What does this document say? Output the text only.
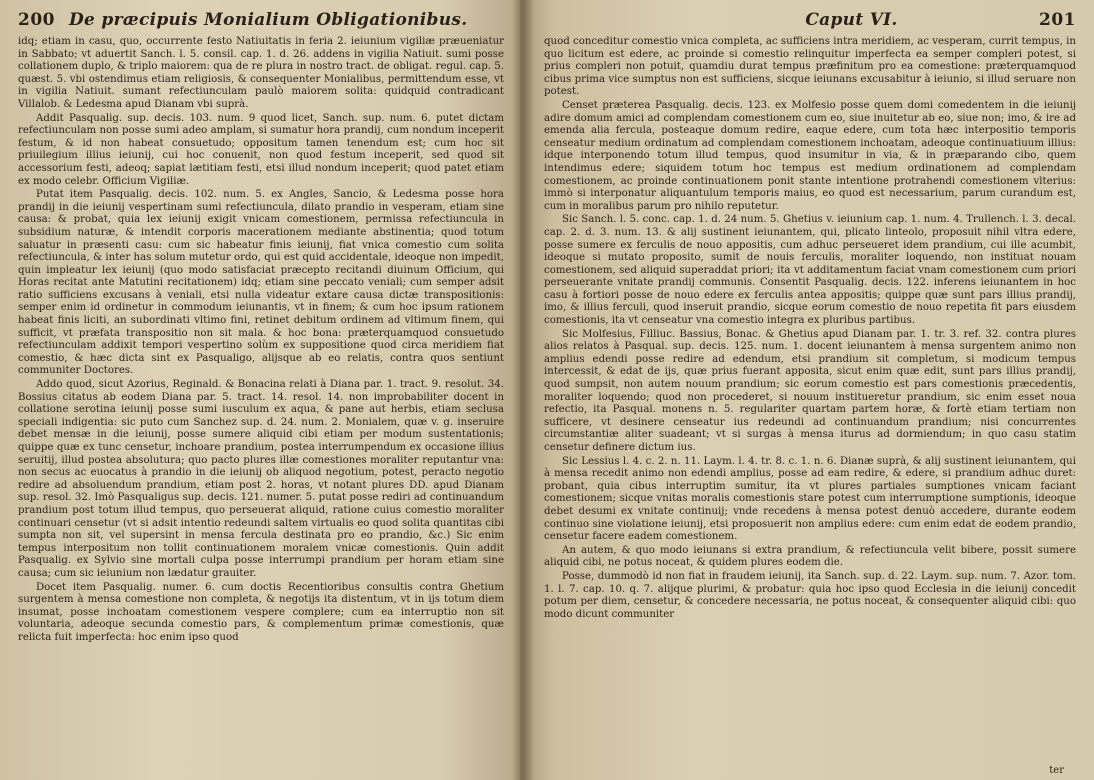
200 De præcipuis Monialium Obligationibus.

idq; etiam in casu, quo, occurrente festo Natiuitatis in feria 2. ieiunium vigiliæ præueniatur in Sabbato; vt aduertit Sanch. l. 5. consil. cap. 1. d. 26. addens in vigilia Natiuit. sumi posse collationem duplo, & triplo maiorem: qua de re plura in nostro tract. de obligat. regul. cap. 5. quæst. 5. vbi ostendimus etiam religiosis, & consequenter Monialibus, permittendum esse, vt in vigilia Natiuit. sumant refectiunculam paulò maiorem solita: quidquid contradicant Villalob. & Ledesma apud Dianam vbi suprà.

Addit Pasqualig. sup. decis. 103. num. 9 quod licet, Sanch. sup. num. 6. putet dictam refectiunculam non posse sumi adeo amplam, si sumatur hora prandij, cum nondum inceperit festum, & id non habeat consuetudo; oppositum tamen tenendum est; cum hoc sit priuilegium illius ieiunij, cui hoc conuenit, non quod festum inceperit, sed quod sit accessorium festi, adeoq; sapiat lætitiam festi, etsi illud nondum inceperit; quod patet etiam ex modo celebr. Officium Vigiliæ.

Putat item Pasqualig. decis. 102. num. 5. ex Angles, Sancio, & Ledesma posse hora prandij in die ieiunij vespertinam sumi refectiuncula, dilato prandio in vesperam, etiam sine causa: & probat, quia lex ieiunij exigit vnicam comestionem, permissa refectiuncula in subsidium naturæ, & intendit corporis macerationem mediante abstinentia; quod totum saluatur in præsenti casu: cum sic habeatur finis ieiunij, fiat vnica comestio cum solita refectiuncula, & inter has solum mutetur ordo, qui est quid accidentale, ideoque non impedit, quin impleatur lex ieiunij (quo modo satisfaciat præcepto recitandi diuinum Officium, qui Horas recitat ante Matutini recitationem) idq; etiam sine peccato veniali; cum semper adsit ratio sufficiens excusans à veniali, etsi nulla videatur extare causa dictæ transpositionis: semper enim id ordinetur in commodum ieiunantis, vt in finem; & cum hoc ipsum rationem habeat finis liciti, an subordinati vltimo fini, retinet debitum ordinem ad vltimum finem, qui sufficit, vt præfata transpositio non sit mala. & hoc bona: præterquamquod consuetudo refectiunculam addixit tempori vespertino solùm ex suppositione quod circa meridiem fiat comestio, & hæc dicta sint ex Pasqualigo, alijsque ab eo relatis, contra quos sentiunt communiter Doctores.

Addo quod, sicut Azorius, Reginald. & Bonacina relati à Diana par. 1. tract. 9. resolut. 34. Bossius citatus ab eodem Diana par. 5. tract. 14. resol. 14. non improbabiliter docent in collatione serotina ieiunij posse sumi iusculum ex aqua, & pane aut herbis, etiam seclusa speciali indigentia: sic puto cum Sanchez sup. d. 24. num. 2. Monialem, quæ v. g. inseruire debet mensæ in die ieiunij, posse sumere aliquid cibi etiam per modum sustentationis; quippe quæ ex tunc censetur, inchoare prandium, postea interrumpendum ex occasione illius seruitij, illud postea absolutura; quo pacto plures illæ comestiones moraliter reputantur vna: non secus ac euocatus à prandio in die ieiunij ob aliquod negotium, potest, peracto negotio redire ad absoluendum prandium, etiam post 2. horas, vt notant plures DD. apud Dianam sup. resol. 32. Imò Pasqualigus sup. decis. 121. numer. 5. putat posse rediri ad continuandum prandium post totum illud tempus, quo perseuerat aliquid, ratione cuius comestio moraliter continuari censetur (vt si adsit intentio redeundi saltem virtualis eo quod solita quantitas cibi sumpta non sit, vel supersint in mensa fercula destinata pro eo prandio, &c.) Sic enim tempus interpositum non tollit continuationem moralem vnicæ comestionis. Quin addit Pasqualig. ex Sylvio sine mortali culpa posse interrumpi prandium per horam etiam sine causa; cum sic ieiunium non lædatur grauiter.

Docet item Pasqualig. numer. 6. cum doctis Recentioribus consultis contra Ghetium surgentem à mensa comestione non completa, & negotijs ita distentum, vt in ijs totum diem insumat, posse inchoatam comestionem vespere complere; cum ea interruptio non sit voluntaria, adeoque secunda comestio pars, & complementum primæ comestionis, quæ relicta fuit imperfecta: hoc enim ipso quod

Caput VI.	201

quod conceditur comestio vnica completa, ac sufficiens intra meridiem, ac vesperam, currit tempus, in quo licitum est edere, ac proinde si comestio relinquitur imperfecta ea semper compleri potest, si prius compleri non potuit, quamdiu durat tempus præfinitum pro ea comestione: præterquamquod cibus prima vice sumptus non est sufficiens, sicque ieiunans excusabitur à ieiunio, si illud seruare non potest.

Censet præterea Pasqualig. decis. 123. ex Molfesio posse quem domi comedentem in die ieiunij adire domum amici ad complendam comestionem cum eo, siue inuitetur ab eo, siue non; imo, & ire ad emenda alia fercula, posteaque domum redire, eaque edere, cum tota hæc interpositio temporis censeatur medium ordinatum ad complendam comestionem inchoatam, adeoque continuatiuum illius: idque interponendo totum illud tempus, quod insumitur in via, & in præparando cibo, quem intendimus edere; siquidem totum hoc tempus est medium ordinationem ad complendam comestionem, ac proinde continuationem ponit stante intentione protrahendi comestionem vlterius: immò si interponatur aliquantulum temporis maius, eo quod est necessarium, parum curandum est, cum in moralibus parum pro nihilo reputetur.

Sic Sanch. l. 5. conc. cap. 1. d. 24 num. 5. Ghetius v. ieiunium cap. 1. num. 4. Trullench. l. 3. decal. cap. 2. d. 3. num. 13. & alij sustinent ieiunantem, qui, plicato linteolo, proposuit nihil vltra edere, posse sumere ex ferculis de nouo appositis, cum adhuc perseueret idem prandium, cui ille acumbit, ideoque si mutato proposito, sumit de nouis ferculis, moraliter loquendo, non instituat nouam comestionem, sed aliquid superaddat priori; ita vt additamentum faciat vnam comestionem cum priori perseuerante vnitate prandij communis. Consentit Pasqualig. decis. 122. inferens ieiunantem in hoc casu à fortiori posse de nouo edere ex ferculis antea appositis; quippe quæ sunt pars illius prandij, imo, & illius ferculi, quod inseruit prandio, sicque eorum comestio de nouo repetita fit pars eiusdem comestionis, ita vt censeatur vna comestio integra ex pluribus partibus.

Sic Molfesius, Filliuc. Bassius, Bonac. & Ghetius apud Dianam par. 1. tr. 3. ref. 32. contra plures alios relatos à Pasqual. sup. decis. 125. num. 1. docent ieiunantem à mensa surgentem animo non amplius edendi posse redire ad edendum, etsi prandium sit completum, si modicum tempus intercessit, & edat de ijs, quæ prius fuerant apposita, sicut enim quæ edit, sunt pars illius prandij, quod sumpsit, non autem nouum prandium; sic eorum comestio est pars comestionis præcedentis, moraliter loquendo; quod non procederet, si nouum institueretur prandium, sic enim esset noua refectio, ita Pasqual. monens n. 5. regulariter quartam partem horæ, & fortè etiam tertiam non sufficere, vt desinere censeatur ius redeundi ad continuandum prandium; nisi concurrentes circumstantiæ aliter suadeant; vt si surgas à mensa iturus ad dormiendum; in quo casu statim censetur definere dictum ius.

Sic Lessius l. 4. c. 2. n. 11. Laym. l. 4. tr. 8. c. 1. n. 6. Dianæ suprà, & alij sustinent ieiunantem, qui à mensa recedit animo non edendi amplius, posse ad eam redire, & edere, si prandium adhuc duret: probant, quia cibus interruptim sumitur, ita vt plures partiales sumptiones vnicam faciant comestionem; sicque vnitas moralis comestionis stare potest cum interrumptione sumptionis, ideoque debet desumi ex vnitate continuij; vnde recedens à mensa potest denuò accedere, durante eodem continuo sine violatione ieiunij, etsi proposuerit non amplius edere: cum enim edat de eodem prandio, censetur facere eadem comestionem.

An autem, & quo modo ieiunans si extra prandium, & refectiuncula velit bibere, possit sumere aliquid cibi, ne potus noceat, & quidem plures eodem die.

Posse, dummodò id non fiat in fraudem ieiunij, ita Sanch. sup. d. 22. Laym. sup. num. 7. Azor. tom. 1. l. 7. cap. 10. q. 7. alijque plurimi, & probatur: quia hoc ipso quod Ecclesia in die ieiunij concedit potum per diem, censetur, & concedere necessaria, ne potus noceat, & consequenter aliquid cibi: quo modo dicunt communiter

ter
